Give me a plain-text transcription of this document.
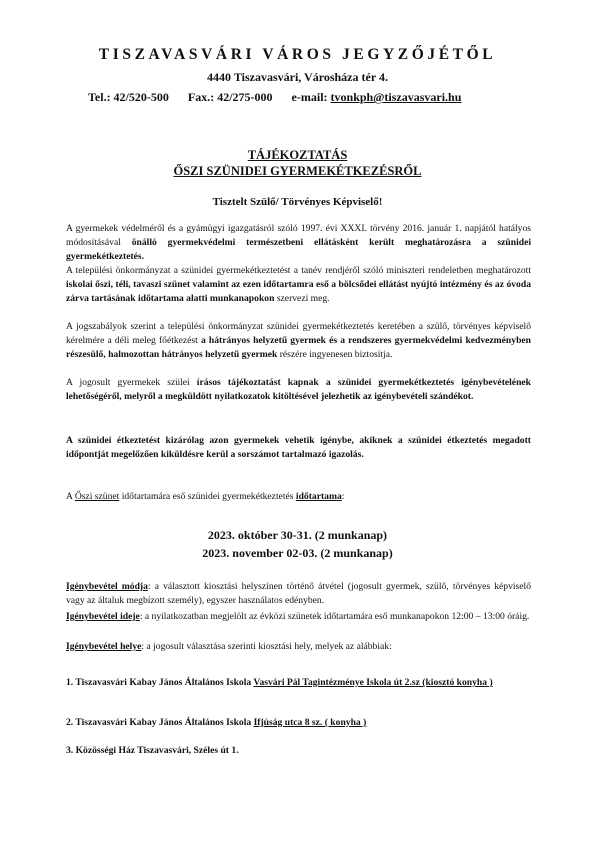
TISZAVASVÁRI VÁROS JEGYZŐJÉTŐL
4440 Tiszavasvári, Városháza tér 4.
Tel.: 42/520-500 Fax.: 42/275-000 e-mail: tvonkph@tiszavasvari.hu
TÁJÉKOZTATÁS
ŐSZI SZÜNIDEI GYERMEKÉTKEZÉSRŐL
Tisztelt Szülő/ Törvényes Képviselő!
A gyermekek védelméről és a gyámügyi igazgatásról szóló 1997. évi XXXI. törvény 2016. január 1. napjától hatályos módosításával önálló gyermekvédelmi természetbeni ellátásként került meghatározásra a szünidei gyermekétkeztetés.
A települési önkormányzat a szünidei gyermekétkeztetést a tanév rendjéről szóló miniszteri rendeletben meghatározott iskolai őszi, téli, tavaszi szünet valamint az ezen időtartamra eső a bölcsődei ellátást nyújtó intézmény és az óvoda zárva tartásának időtartama alatti munkanapokon szervezi meg.
A jogszabályok szerint a települési önkormányzat szünidei gyermekétkeztetés keretében a szülő, törvényes képviselő kérelmére a déli meleg főétkezést a hátrányos helyzetű gyermek és a rendszeres gyermekvédelmi kedvezményben részesülő, halmozottan hátrányos helyzetű gyermek részére ingyenesen biztosítja.
A jogosult gyermekek szülei írásos tájékoztatást kapnak a szünidei gyermekétkeztetés igénybevételének lehetőségéről, melyről a megküldött nyilatkozatok kitöltésével jelezhetik az igénybevételi szándékot.
A szünidei étkeztetést kizárólag azon gyermekek vehetik igénybe, akiknek a szünidei étkeztetés megadott időpontját megelőzően kiküldésre kerül a sorszámot tartalmazó igazolás.
A Őszi szünet időtartamára eső szünidei gyermekétkeztetés időtartama:
2023. október 30-31. (2 munkanap)
2023. november 02-03. (2 munkanap)
Igénybevétel módja: a választott kiosztási helyszínen történő átvétel (jogosult gyermek, szülő, törvényes képviselő vagy az általuk megbízott személy), egyszer használatos edényben.
Igénybevétel ideje: a nyilatkozatban megjelölt az évközi szünetek időtartamára eső munkanapokon 12:00 – 13:00 óráig.
Igénybevétel helye: a jogosult választása szerinti kiosztási hely, melyek az alábbiak:
1. Tiszavasvári Kabay János Általános Iskola Vasvári Pál Tagintézménye Iskola út 2.sz (kiosztó konyha )
2. Tiszavasvári Kabay János Általános Iskola Ifjúság utca 8 sz. ( konyha )
3. Közösségi Ház Tiszavasvári, Széles út 1.
